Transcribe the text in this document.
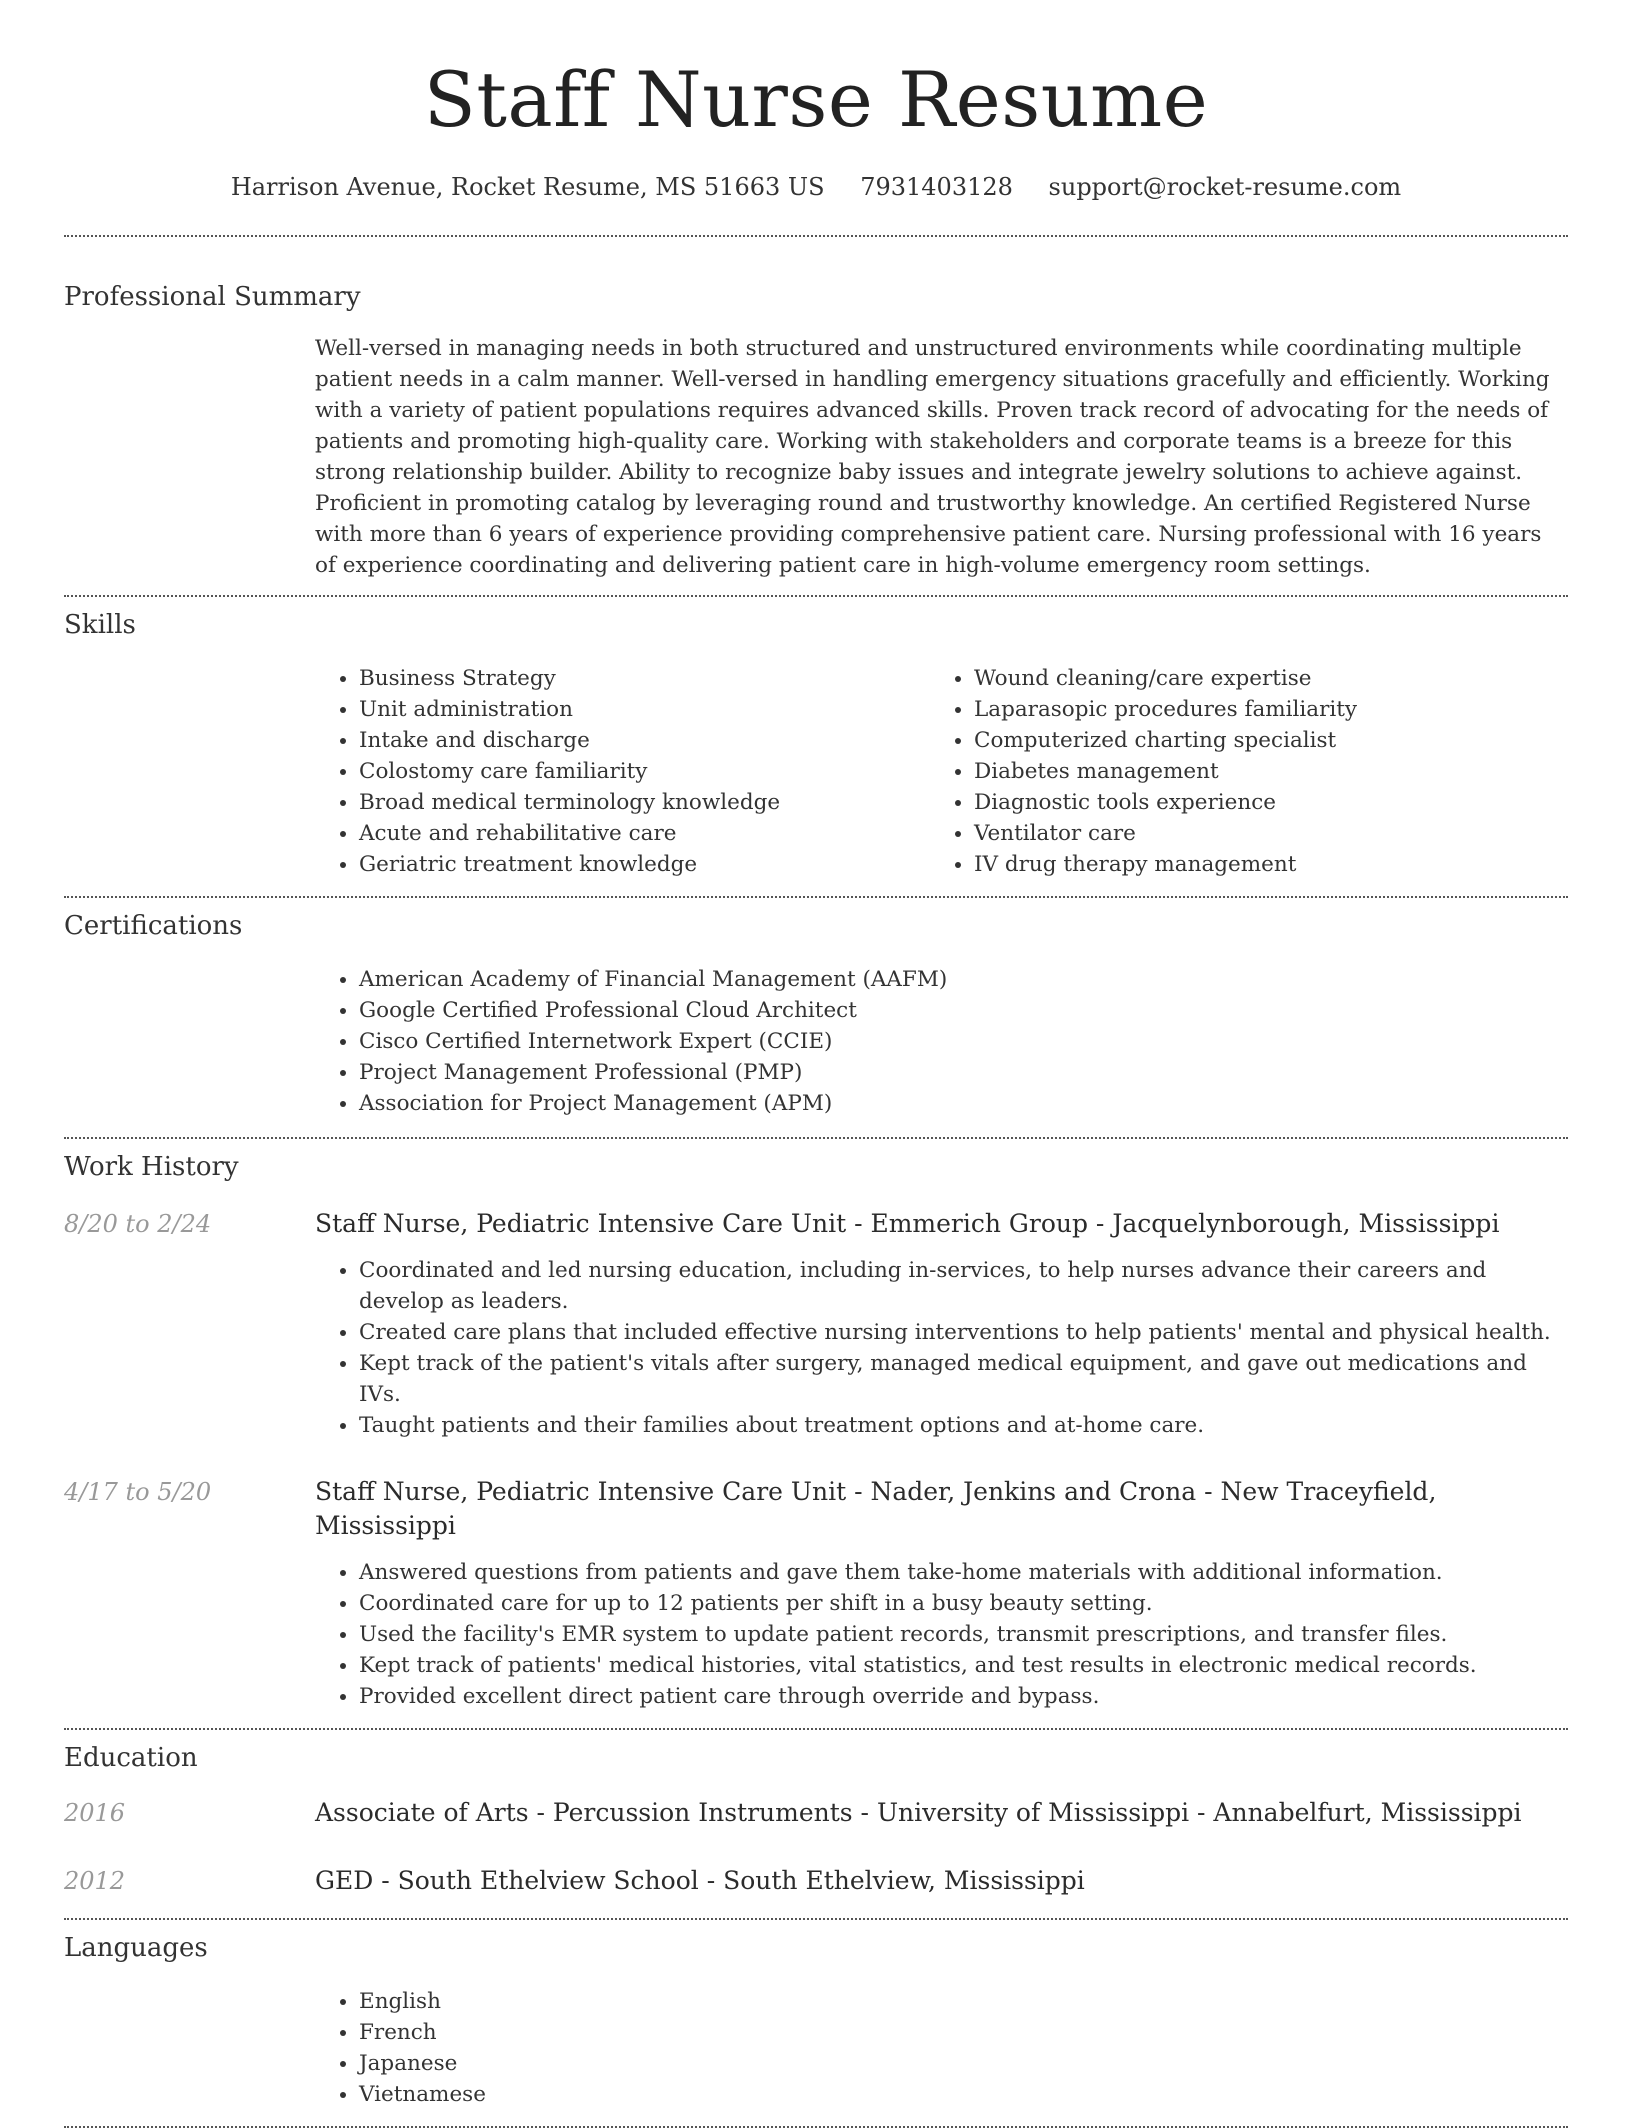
Staff Nurse Resume
Harrison Avenue, Rocket Resume, MS 51663 US 7931403128 support@rocket-resume.com
Professional Summary

Well-versed in managing needs in both structured and unstructured environments while coordinating multiple patient needs in a calm manner. Well-versed in handling emergency situations gracefully and efficiently. Working with a variety of patient populations requires advanced skills. Proven track record of advocating for the needs of patients and promoting high-quality care. Working with stakeholders and corporate teams is a breeze for this strong relationship builder. Ability to recognize baby issues and integrate jewelry solutions to achieve against. Proficient in promoting catalog by leveraging round and trustworthy knowledge. An certified Registered Nurse with more than 6 years of experience providing comprehensive patient care. Nursing professional with 16 years of experience coordinating and delivering patient care in high-volume emergency room settings.

Skills
• Business Strategy
• Unit administration
• Intake and discharge
• Colostomy care familiarity
• Broad medical terminology knowledge
• Acute and rehabilitative care
• Geriatric treatment knowledge
• Wound cleaning/care expertise
• Laparasopic procedures familiarity
• Computerized charting specialist
• Diabetes management
• Diagnostic tools experience
• Ventilator care
• IV drug therapy management
Certifications
• American Academy of Financial Management (AAFM)
• Google Certified Professional Cloud Architect
• Cisco Certified Internetwork Expert (CCIE)
• Project Management Professional (PMP)
• Association for Project Management (APM)
Work History
8/20 to 2/24	Staff Nurse, Pediatric Intensive Care Unit - Emmerich Group - Jacquelynborough, Mississippi

• Coordinated and led nursing education, including in-services, to help nurses advance their careers and develop as leaders.
• Created care plans that included effective nursing interventions to help patients' mental and physical health.
• Kept track of the patient's vitals after surgery, managed medical equipment, and gave out medications and IVs.
• Taught patients and their families about treatment options and at-home care.
4/17 to 5/20	Staff Nurse, Pediatric Intensive Care Unit - Nader, Jenkins and Crona - New Traceyfield, Mississippi

• Answered questions from patients and gave them take-home materials with additional information.
• Coordinated care for up to 12 patients per shift in a busy beauty setting.
• Used the facility's EMR system to update patient records, transmit prescriptions, and transfer files.
• Kept track of patients' medical histories, vital statistics, and test results in electronic medical records.
• Provided excellent direct patient care through override and bypass.
Education
2016	Associate of Arts - Percussion Instruments - University of Mississippi - Annabelfurt, Mississippi

2012	GED - South Ethelview School - South Ethelview, Mississippi

Languages
• English
• French
• Japanese
• Vietnamese
